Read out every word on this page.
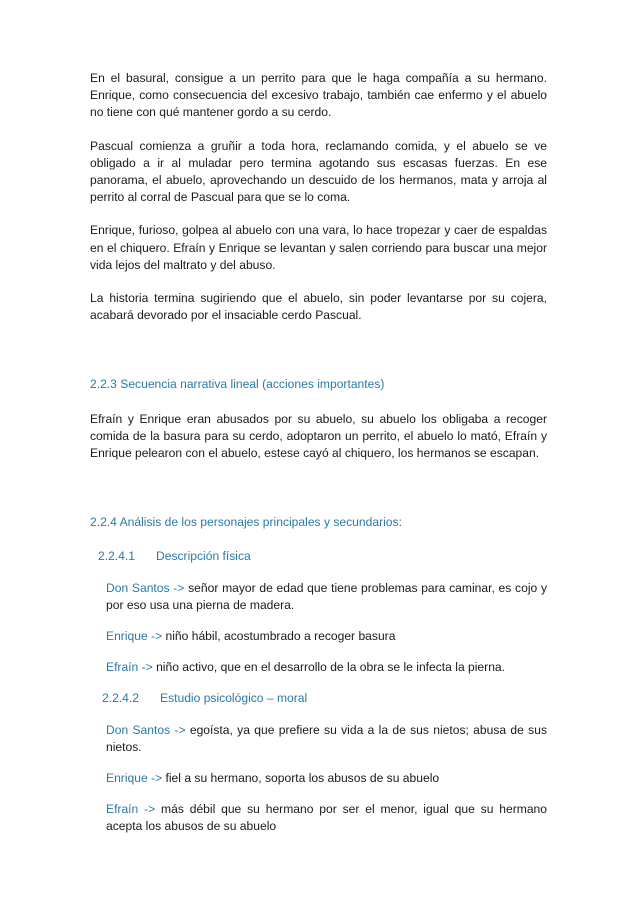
En el basural, consigue a un perrito para que le haga compañía a su hermano. Enrique, como consecuencia del excesivo trabajo, también cae enfermo y el abuelo no tiene con qué mantener gordo a su cerdo.

Pascual comienza a gruñir a toda hora, reclamando comida, y el abuelo se ve obligado a ir al muladar pero termina agotando sus escasas fuerzas. En ese panorama, el abuelo, aprovechando un descuido de los hermanos, mata y arroja al perrito al corral de Pascual para que se lo coma.

Enrique, furioso, golpea al abuelo con una vara, lo hace tropezar y caer de espaldas en el chiquero. Efraín y Enrique se levantan y salen corriendo para buscar una mejor vida lejos del maltrato y del abuso.

La historia termina sugiriendo que el abuelo, sin poder levantarse por su cojera, acabará devorado por el insaciable cerdo Pascual.

2.2.3 Secuencia narrativa lineal (acciones importantes)

Efraín y Enrique eran abusados por su abuelo, su abuelo los obligaba a recoger comida de la basura para su cerdo, adoptaron un perrito, el abuelo lo mató, Efraín y Enrique pelearon con el abuelo, estese cayó al chiquero, los hermanos se escapan.

2.2.4 Análisis de los personajes principales y secundarios:
2.2.4.1 Descripción física
Don Santos -> señor mayor de edad que tiene problemas para caminar, es cojo y por eso usa una pierna de madera.
Enrique -> niño hábil, acostumbrado a recoger basura
Efraín -> niño activo, que en el desarrollo de la obra se le infecta la pierna.
2.2.4.2 Estudio psicológico – moral
Don Santos -> egoísta, ya que prefiere su vida a la de sus nietos; abusa de sus nietos.
Enrique -> fiel a su hermano, soporta los abusos de su abuelo
Efraín -> más débil que su hermano por ser el menor, igual que su hermano acepta los abusos de su abuelo
